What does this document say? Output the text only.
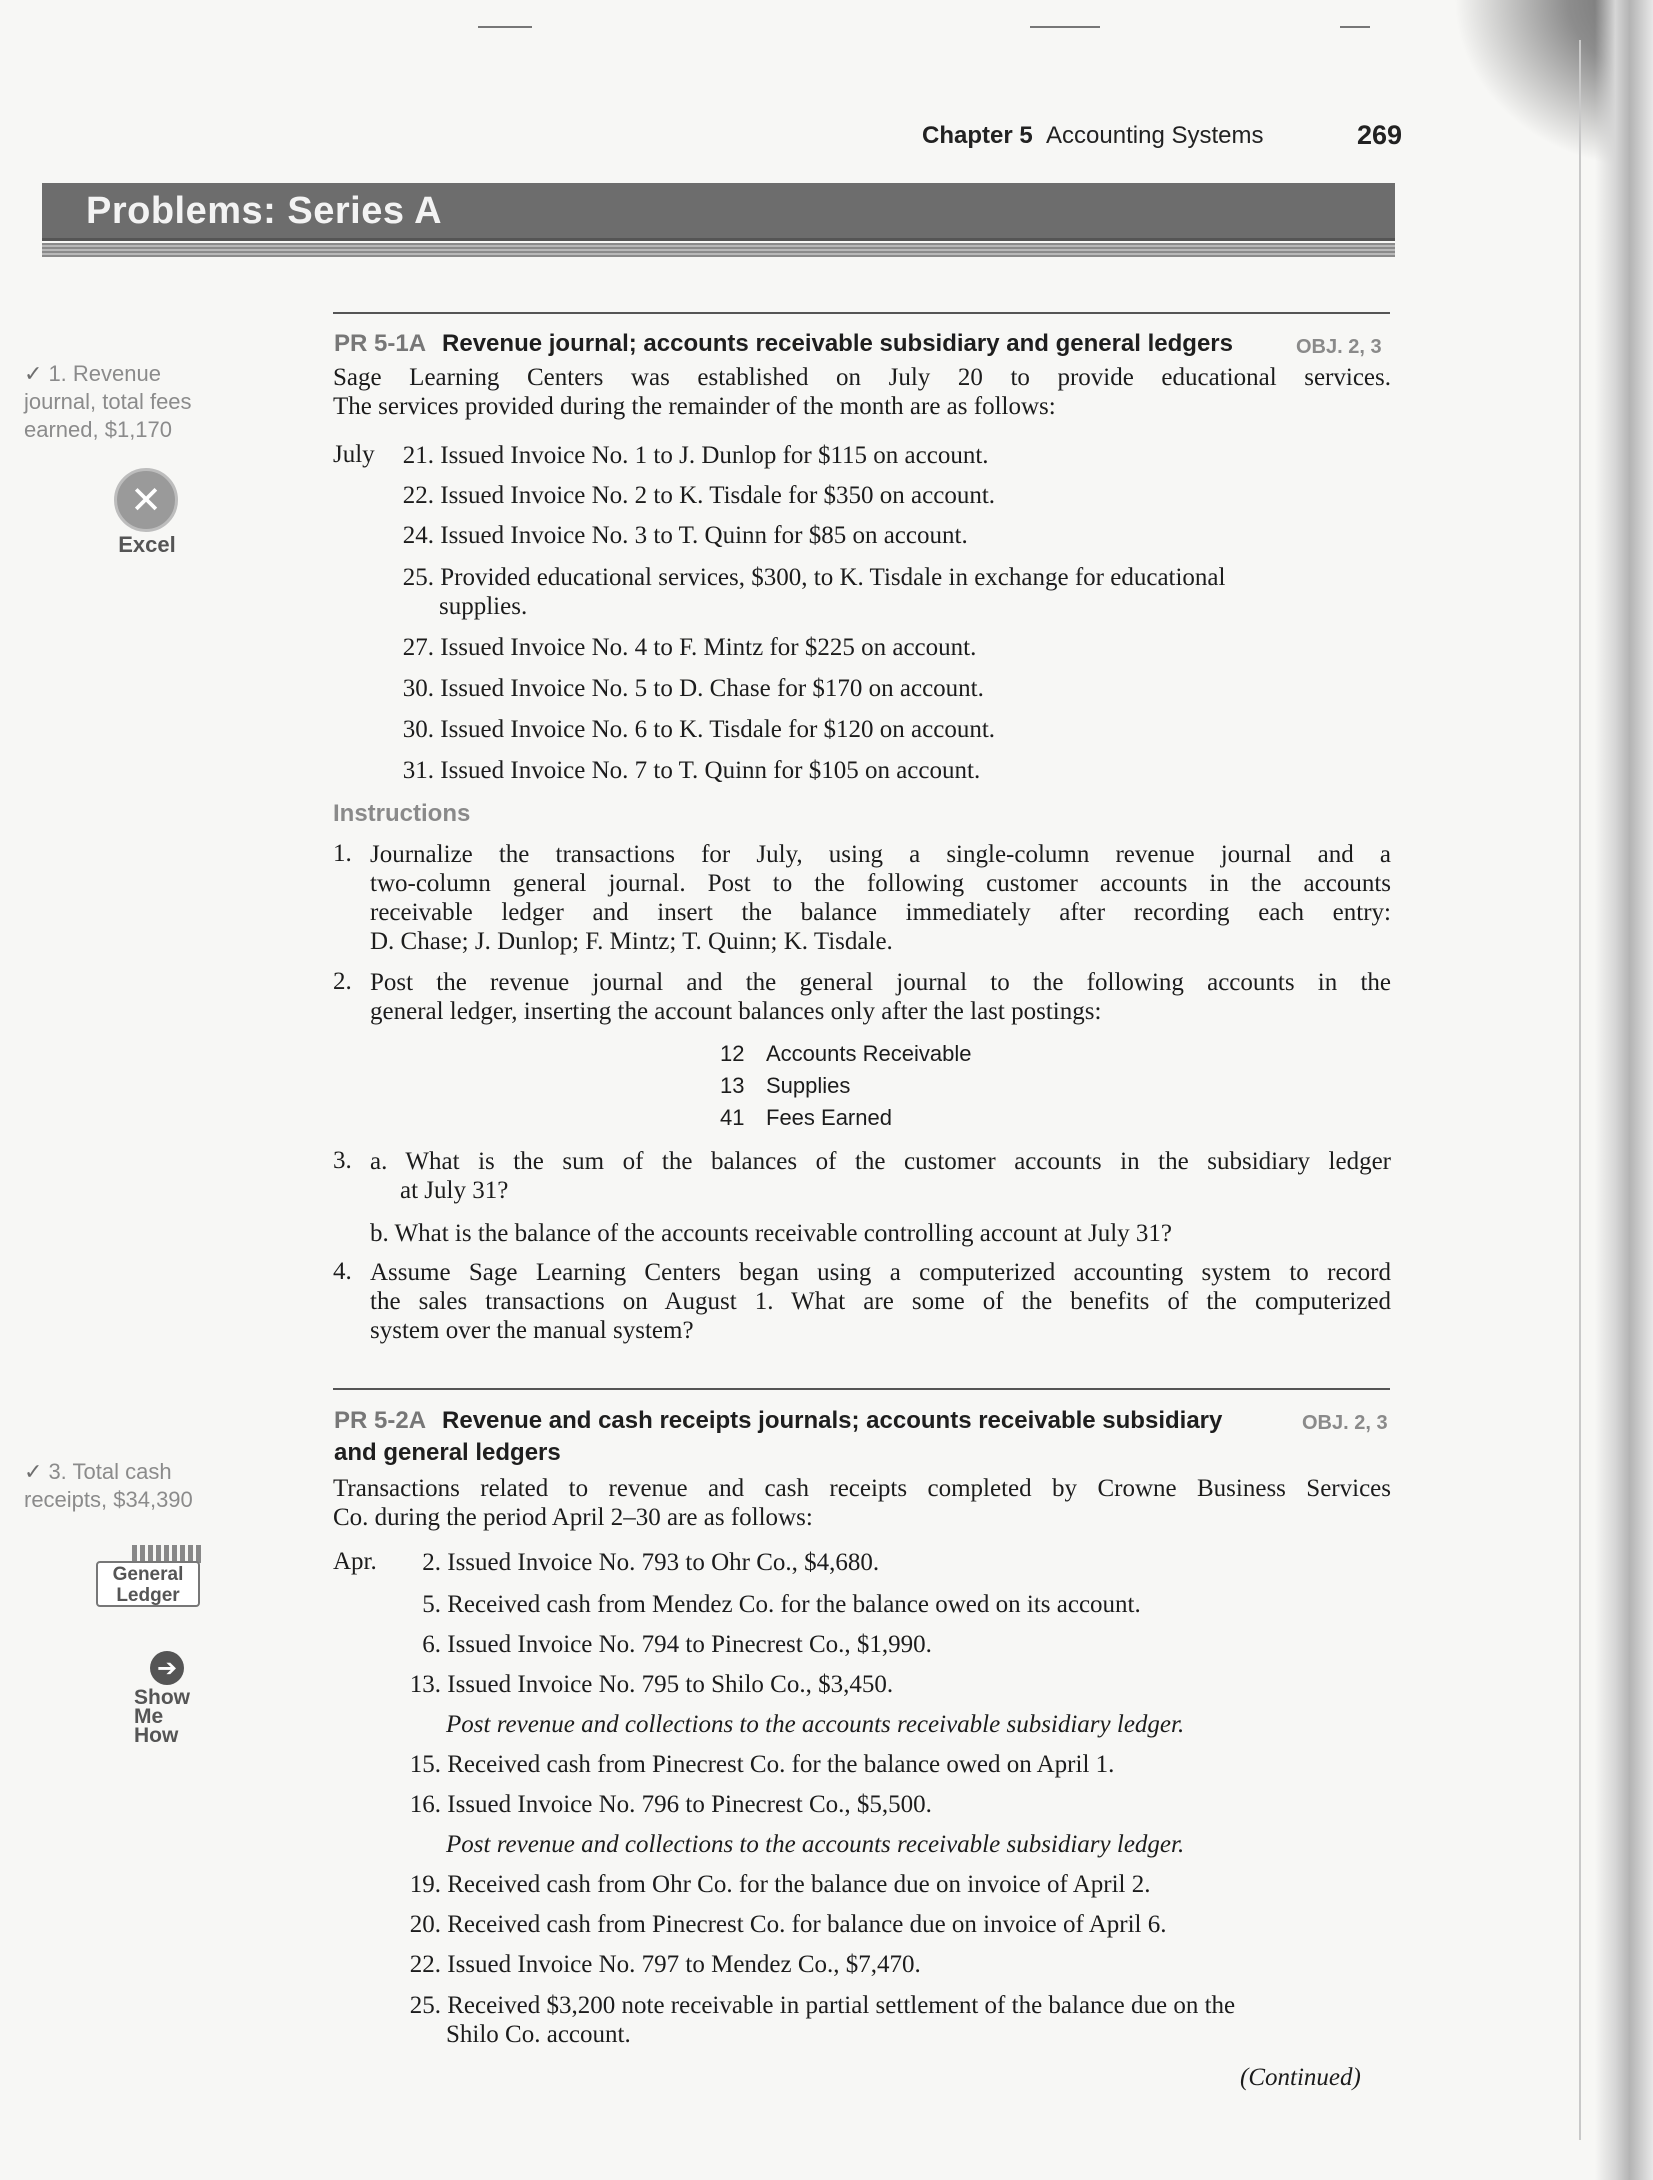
Chapter 5 Accounting Systems	269
Problems: Series A
✓ 1. Revenue
journal, total fees
earned, $1,170
✕
Excel
✓ 3. Total cash
receipts, $34,390
General
Ledger
➔
Show
Me
How
PR 5-1A Revenue journal; accounts receivable subsidiary and general ledgers	OBJ. 2, 3
Sage Learning Centers was established on July 20 to provide educational services.
The services provided during the remainder of the month are as follows:
July	21. Issued Invoice No. 1 to J. Dunlop for $115 on account.
22. Issued Invoice No. 2 to K. Tisdale for $350 on account.
24. Issued Invoice No. 3 to T. Quinn for $85 on account.
25. Provided educational services, $300, to K. Tisdale in exchange for educational
supplies.
27. Issued Invoice No. 4 to F. Mintz for $225 on account.
30. Issued Invoice No. 5 to D. Chase for $170 on account.
30. Issued Invoice No. 6 to K. Tisdale for $120 on account.
31. Issued Invoice No. 7 to T. Quinn for $105 on account.
Instructions
1. Journalize the transactions for July, using a single-column revenue journal and a
two-column general journal. Post to the following customer accounts in the accounts
receivable ledger and insert the balance immediately after recording each entry:
D. Chase; J. Dunlop; F. Mintz; T. Quinn; K. Tisdale.
2. Post the revenue journal and the general journal to the following accounts in the
general ledger, inserting the account balances only after the last postings:
12 Accounts Receivable
13 Supplies
41 Fees Earned
3. a. What is the sum of the balances of the customer accounts in the subsidiary ledger
at July 31?
b. What is the balance of the accounts receivable controlling account at July 31?
4. Assume Sage Learning Centers began using a computerized accounting system to record
the sales transactions on August 1. What are some of the benefits of the computerized
system over the manual system?
PR 5-2A Revenue and cash receipts journals; accounts receivable subsidiary
and general ledgers
OBJ. 2, 3
Transactions related to revenue and cash receipts completed by Crowne Business Services
Co. during the period April 2–30 are as follows:
Apr.	2. Issued Invoice No. 793 to Ohr Co., $4,680.
5. Received cash from Mendez Co. for the balance owed on its account.
6. Issued Invoice No. 794 to Pinecrest Co., $1,990.
13. Issued Invoice No. 795 to Shilo Co., $3,450.
Post revenue and collections to the accounts receivable subsidiary ledger.
15. Received cash from Pinecrest Co. for the balance owed on April 1.
16. Issued Invoice No. 796 to Pinecrest Co., $5,500.
Post revenue and collections to the accounts receivable subsidiary ledger.
19. Received cash from Ohr Co. for the balance due on invoice of April 2.
20. Received cash from Pinecrest Co. for balance due on invoice of April 6.
22. Issued Invoice No. 797 to Mendez Co., $7,470.
25. Received $3,200 note receivable in partial settlement of the balance due on the
Shilo Co. account.
(Continued)
